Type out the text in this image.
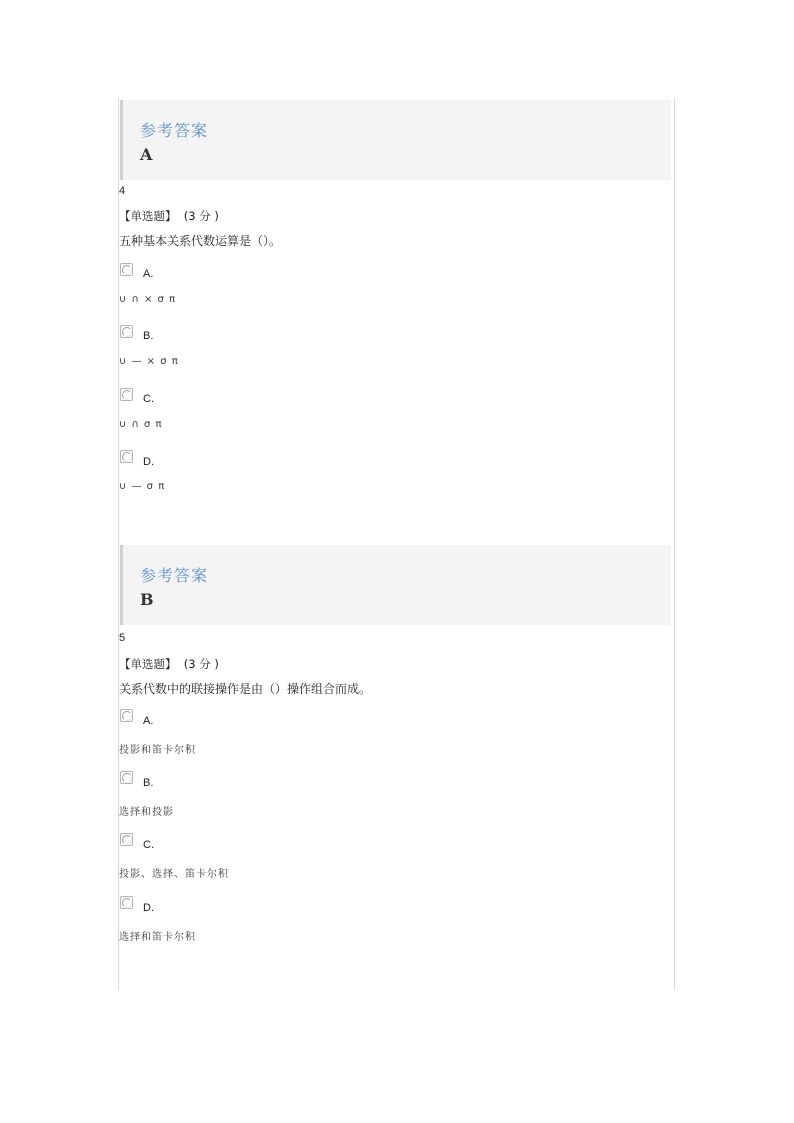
参考答案
A
4
【单选题】  (3 分 )
五种基本关系代数运算是（）。
A.
∪ ∩ × σ π
B.
∪ — × σ π
C.
∪ ∩ σ π
D.
∪ — σ π
参考答案
B
5
【单选题】  (3 分 )
关系代数中的联接操作是由（）操作组合而成。
A.
投影和笛卡尔积
B.
选择和投影
C.
投影、选择、笛卡尔积
D.
选择和笛卡尔积
